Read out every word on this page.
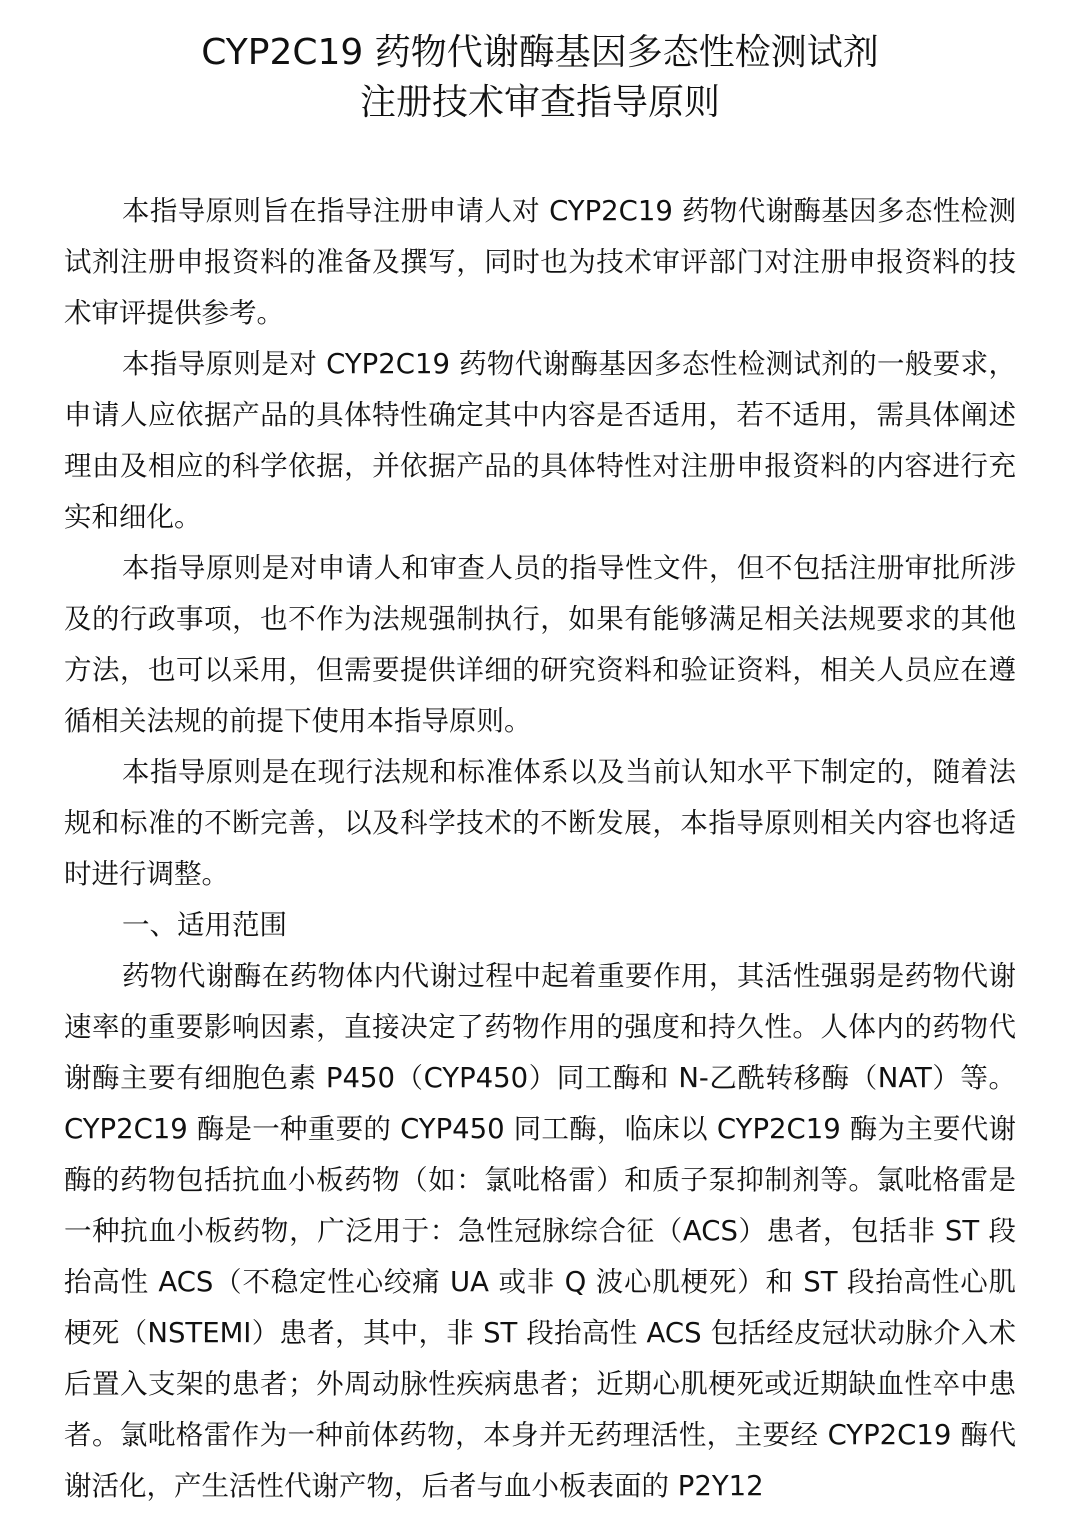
CYP2C19 药物代谢酶基因多态性检测试剂
注册技术审查指导原则

本指导原则旨在指导注册申请人对 CYP2C19 药物代谢酶基因多态性检测试剂注册申报资料的准备及撰写，同时也为技术审评部门对注册申报资料的技术审评提供参考。

本指导原则是对 CYP2C19 药物代谢酶基因多态性检测试剂的一般要求，申请人应依据产品的具体特性确定其中内容是否适用，若不适用，需具体阐述理由及相应的科学依据，并依据产品的具体特性对注册申报资料的内容进行充实和细化。

本指导原则是对申请人和审查人员的指导性文件，但不包括注册审批所涉及的行政事项，也不作为法规强制执行，如果有能够满足相关法规要求的其他方法，也可以采用，但需要提供详细的研究资料和验证资料，相关人员应在遵循相关法规的前提下使用本指导原则。

本指导原则是在现行法规和标准体系以及当前认知水平下制定的，随着法规和标准的不断完善，以及科学技术的不断发展，本指导原则相关内容也将适时进行调整。

一、适用范围

药物代谢酶在药物体内代谢过程中起着重要作用，其活性强弱是药物代谢速率的重要影响因素，直接决定了药物作用的强度和持久性。人体内的药物代谢酶主要有细胞色素 P450（CYP450）同工酶和 N-乙酰转移酶（NAT）等。CYP2C19 酶是一种重要的 CYP450 同工酶，临床以 CYP2C19 酶为主要代谢酶的药物包括抗血小板药物（如：氯吡格雷）和质子泵抑制剂等。氯吡格雷是一种抗血小板药物，广泛用于：急性冠脉综合征（ACS）患者，包括非 ST 段抬高性 ACS（不稳定性心绞痛 UA 或非 Q 波心肌梗死）和 ST 段抬高性心肌梗死（NSTEMI）患者，其中，非 ST 段抬高性 ACS 包括经皮冠状动脉介入术后置入支架的患者；外周动脉性疾病患者；近期心肌梗死或近期缺血性卒中患者。氯吡格雷作为一种前体药物，本身并无药理活性，主要经 CYP2C19 酶代谢活化，产生活性代谢产物，后者与血小板表面的 P2Y12
